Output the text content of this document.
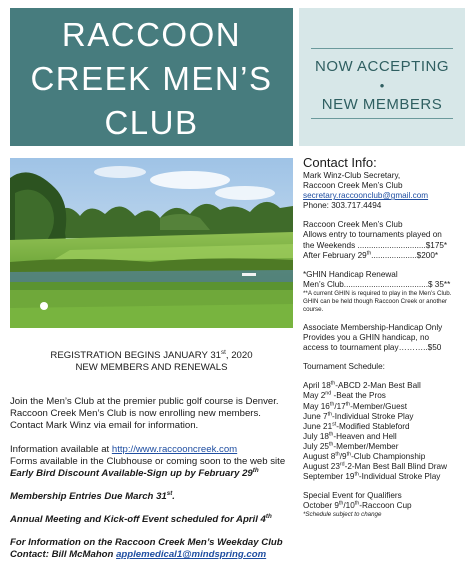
RACCOON
CREEK MEN’S
CLUB
NOW ACCEPTING
•
NEW MEMBERS
REGISTRATION BEGINS JANUARY 31st, 2020
NEW MEMBERS AND RENEWALS

Join the Men’s Club at the premier public golf course is Denver. Raccoon Creek Men’s Club is now enrolling new members. Contact Mark Winz via email for information.

Information available at http://www.raccooncreek.com
Forms available in the Clubhouse or coming soon to the web site
Early Bird Discount Available-Sign up by February 29th

Membership Entries Due March 31st.

Annual Meeting and Kick-off Event scheduled for April 4th

For Information on the Raccoon Creek Men’s Weekday Club
Contact: Bill McMahon applemedical1@mindspring.com

Contact Info:
Mark Winz-Club Secretary,
Raccoon Creek Men’s Club
secretary.raccoonclub@gmail.com
Phone: 303.717.4494
Raccoon Creek Men’s Club
Allows entry to tournaments played on
the Weekends ..............................$175*
After February 29th....................$200*
*GHIN Handicap Renewal
Men’s Club.....................................$ 35**
**A current GHIN is required to play in the Men’s Club. GHIN can be held though Raccoon Creek or another course.
Associate Membership-Handicap Only
Provides you a GHIN handicap, no
access to tournament play………..$50
Tournament Schedule:
April 18th-ABCD 2-Man Best Ball
May 2nd -Beat the Pros
May 16th/17th-Member/Guest
June 7th-Individual Stroke Play
June 21st-Modified Stableford
July 18th-Heaven and Hell
July 25th-Member/Member
August 8th/9th-Club Championship
August 23rd-2-Man Best Ball Blind Draw
September 19th-Individual Stroke Play
Special Event for Qualifiers
October 9th/10th-Raccoon Cup
*Schedule subject to change
